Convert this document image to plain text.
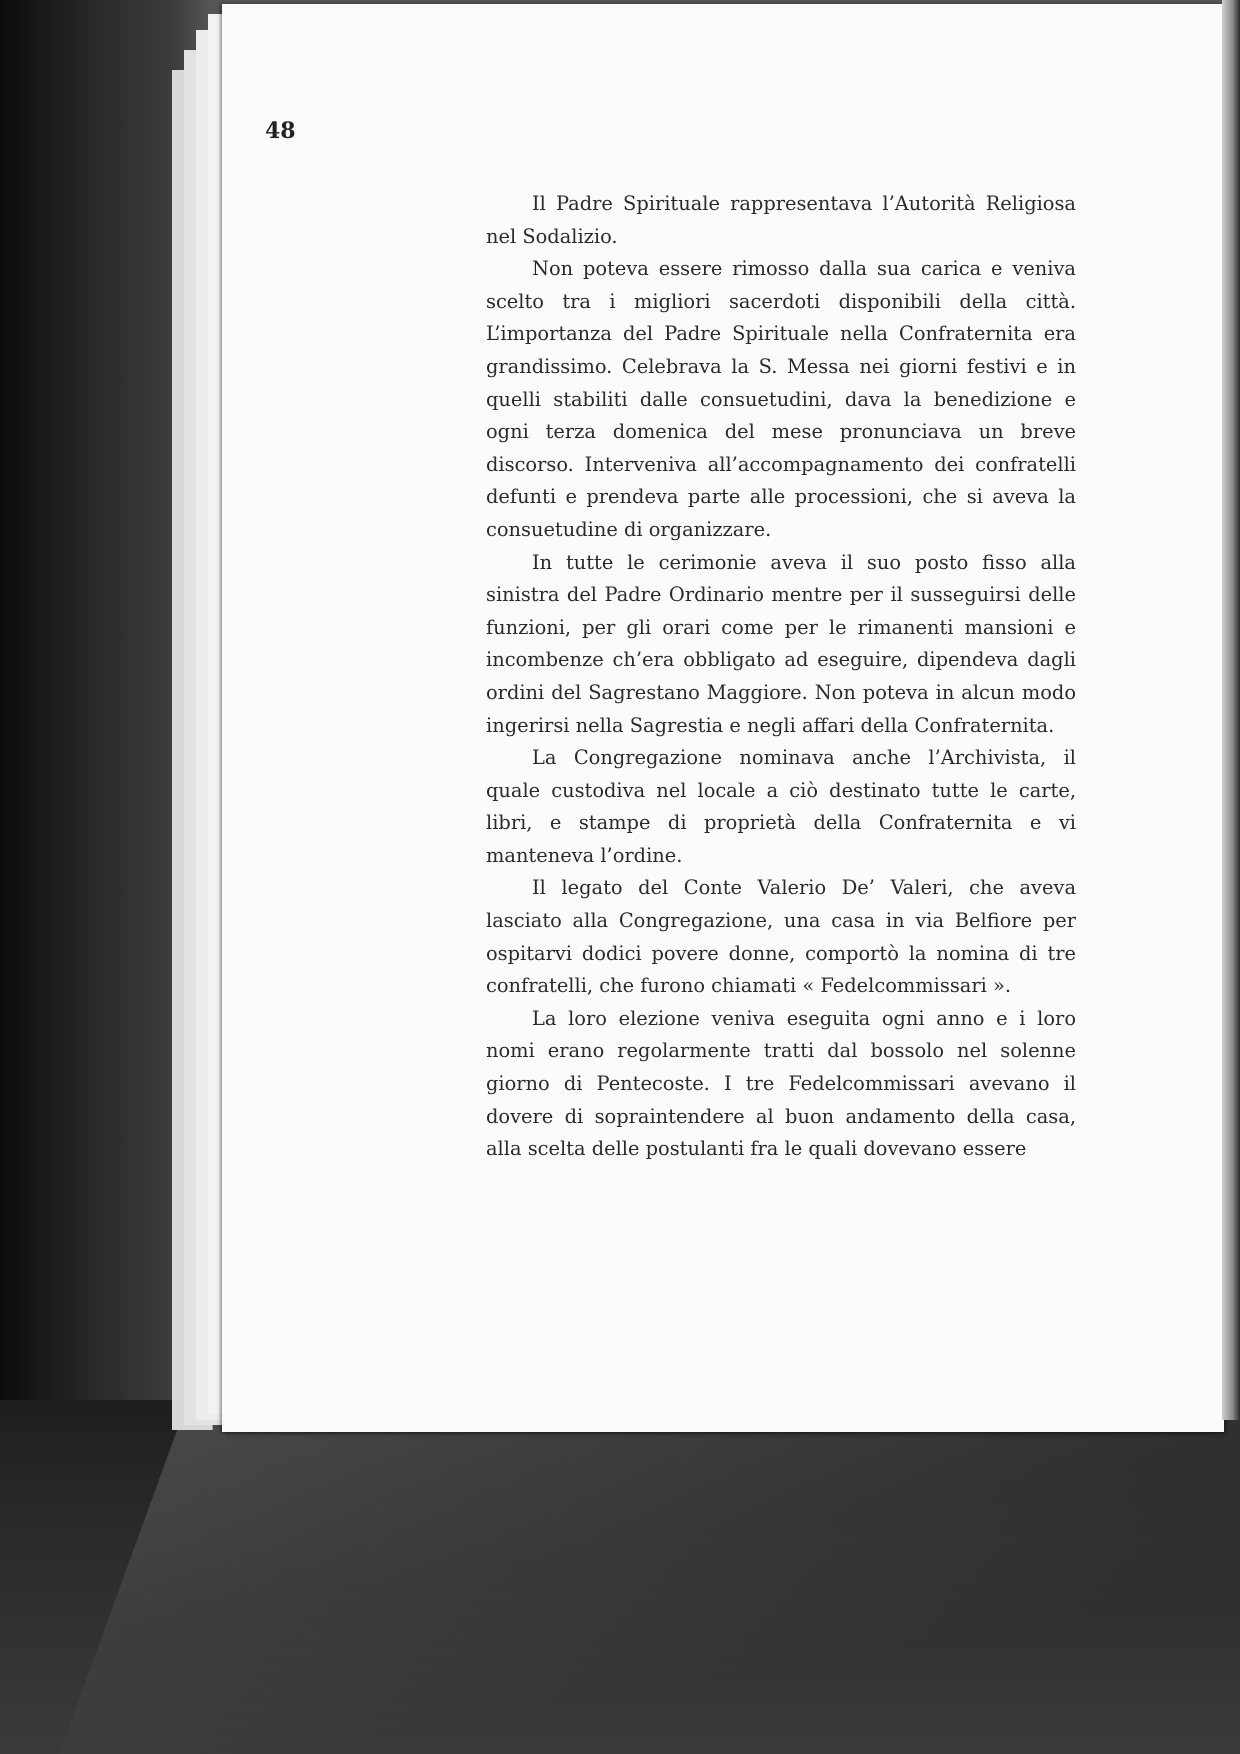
48

Il Padre Spirituale rappresentava l’Autorità Religiosa nel Sodalizio.

Non poteva essere rimosso dalla sua carica e veniva scelto tra i migliori sacerdoti disponibili della città. L’importanza del Padre Spirituale nella Confraternita era grandissimo. Celebrava la S. Messa nei giorni festivi e in quelli stabiliti dalle consuetudini, dava la benedizione e ogni terza domenica del mese pronunciava un breve discorso. Interveniva all’accompagnamento dei confratelli defunti e prendeva parte alle processioni, che si aveva la consuetudine di organizzare.

In tutte le cerimonie aveva il suo posto fisso alla sinistra del Padre Ordinario mentre per il susseguirsi delle funzioni, per gli orari come per le rimanenti mansioni e incombenze ch’era obbligato ad eseguire, dipendeva dagli ordini del Sagrestano Maggiore. Non poteva in alcun modo ingerirsi nella Sagrestia e negli affari della Confraternita.

La Congregazione nominava anche l’Archivista, il quale custodiva nel locale a ciò destinato tutte le carte, libri, e stampe di proprietà della Confraternita e vi manteneva l’ordine.

Il legato del Conte Valerio De’ Valeri, che aveva lasciato alla Congregazione, una casa in via Belfiore per ospitarvi dodici povere donne, comportò la nomina di tre confratelli, che furono chiamati « Fedelcommissari ».

La loro elezione veniva eseguita ogni anno e i loro nomi erano regolarmente tratti dal bossolo nel solenne giorno di Pentecoste. I tre Fedelcommissari avevano il dovere di sopraintendere al buon andamento della casa, alla scelta delle postulanti fra le quali dovevano essere
